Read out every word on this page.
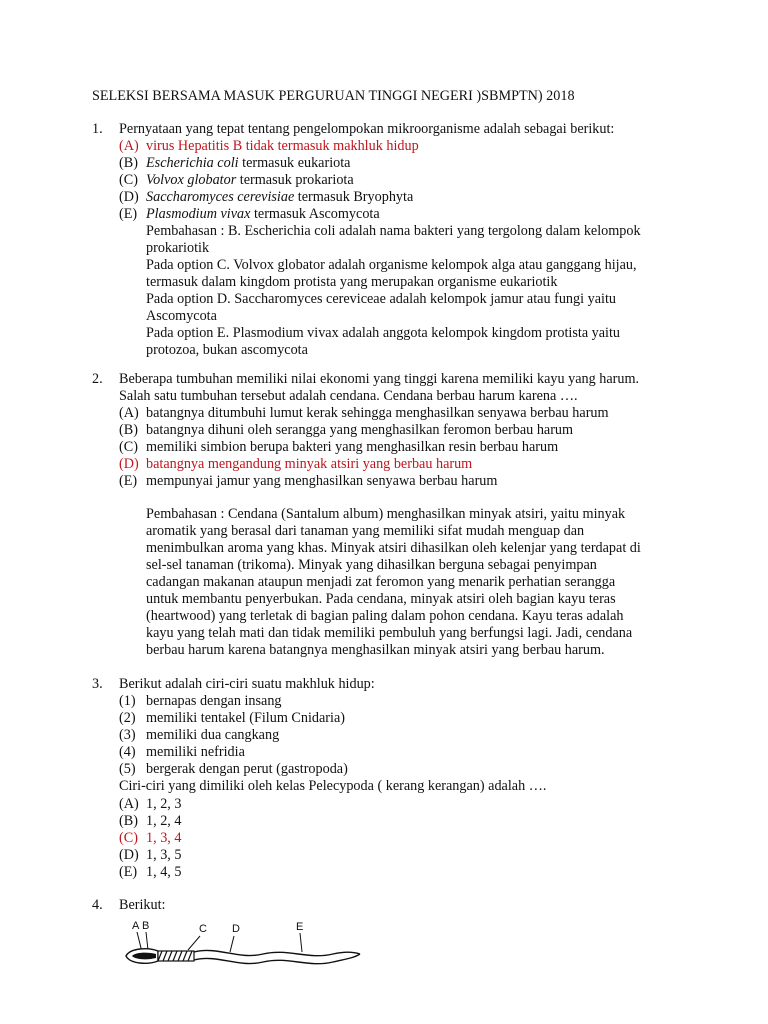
SELEKSI BERSAMA MASUK PERGURUAN TINGGI NEGERI )SBMPTN) 2018
1. Pernyataan yang tepat tentang pengelompokan mikroorganisme adalah sebagai berikut:
(A) virus Hepatitis B tidak termasuk makhluk hidup
(B) Escherichia coli termasuk eukariota
(C) Volvox globator termasuk prokariota
(D) Saccharomyces cerevisiae termasuk Bryophyta
(E) Plasmodium vivax termasuk Ascomycota
Pembahasan : B. Escherichia coli adalah nama bakteri yang tergolong dalam kelompok
prokariotik
Pada option C. Volvox globator adalah organisme kelompok alga atau ganggang hijau,
termasuk dalam kingdom protista yang merupakan organisme eukariotik
Pada option D. Saccharomyces cereviceae adalah kelompok jamur atau fungi yaitu
Ascomycota
Pada option E. Plasmodium vivax adalah anggota kelompok kingdom protista yaitu
protozoa, bukan ascomycota
2. Beberapa tumbuhan memiliki nilai ekonomi yang tinggi karena memiliki kayu yang harum.
Salah satu tumbuhan tersebut adalah cendana. Cendana berbau harum karena ….
(A) batangnya ditumbuhi lumut kerak sehingga menghasilkan senyawa berbau harum
(B) batangnya dihuni oleh serangga yang menghasilkan feromon berbau harum
(C) memiliki simbion berupa bakteri yang menghasilkan resin berbau harum
(D) batangnya mengandung minyak atsiri yang berbau harum
(E) mempunyai jamur yang menghasilkan senyawa berbau harum
Pembahasan : Cendana (Santalum album) menghasilkan minyak atsiri, yaitu minyak
aromatik yang berasal dari tanaman yang memiliki sifat mudah menguap dan
menimbulkan aroma yang khas. Minyak atsiri dihasilkan oleh kelenjar yang terdapat di
sel-sel tanaman (trikoma). Minyak yang dihasilkan berguna sebagai penyimpan
cadangan makanan ataupun menjadi zat feromon yang menarik perhatian serangga
untuk membantu penyerbukan. Pada cendana, minyak atsiri oleh bagian kayu teras
(heartwood) yang terletak di bagian paling dalam pohon cendana. Kayu teras adalah
kayu yang telah mati dan tidak memiliki pembuluh yang berfungsi lagi. Jadi, cendana
berbau harum karena batangnya menghasilkan minyak atsiri yang berbau harum.
3. Berikut adalah ciri-ciri suatu makhluk hidup:
(1) bernapas dengan insang
(2) memiliki tentakel (Filum Cnidaria)
(3) memiliki dua cangkang
(4) memiliki nefridia
(5) bergerak dengan perut (gastropoda)
Ciri-ciri yang dimiliki oleh kelas Pelecypoda ( kerang kerangan) adalah ….
(A) 1, 2, 3
(B) 1, 2, 4
(C) 1, 3, 4
(D) 1, 3, 5
(E) 1, 4, 5
4. Berikut:
A B	C D	E
